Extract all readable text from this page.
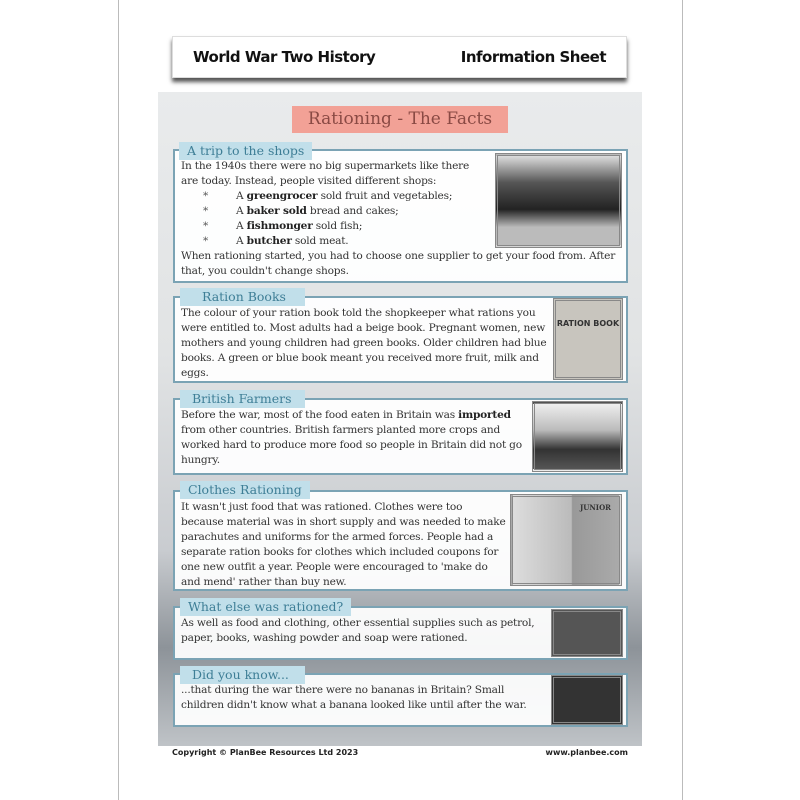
World War Two History	Information Sheet
Rationing - The Facts
In the 1940s there were no big supermarkets like there are today. Instead, people visited different shops:
* A greengrocer sold fruit and vegetables;
* A baker sold bread and cakes;
* A fishmonger sold fish;
* A butcher sold meat.
When rationing started, you had to choose one supplier to get your food from. After that, you couldn't change shops.
A trip to the shops
The colour of your ration book told the shopkeeper what rations you were entitled to. Most adults had a beige book. Pregnant women, new mothers and young children had green books. Older children had blue books. A green or blue book meant you received more fruit, milk and eggs.
Ration Books
RATION BOOK
Before the war, most of the food eaten in Britain was imported from other countries. British farmers planted more crops and worked hard to produce more food so people in Britain did not go hungry.
British Farmers
It wasn't just food that was rationed. Clothes were too because material was in short supply and was needed to make parachutes and uniforms for the armed forces. People had a separate ration books for clothes which included coupons for one new outfit a year. People were encouraged to 'make do and mend' rather than buy new.
Clothes Rationing
JUNIOR
As well as food and clothing, other essential supplies such as petrol, paper, books, washing powder and soap were rationed.
What else was rationed?
...that during the war there were no bananas in Britain? Small children didn't know what a banana looked like until after the war.
Did you know...
Copyright © PlanBee Resources Ltd 2023	www.planbee.com
